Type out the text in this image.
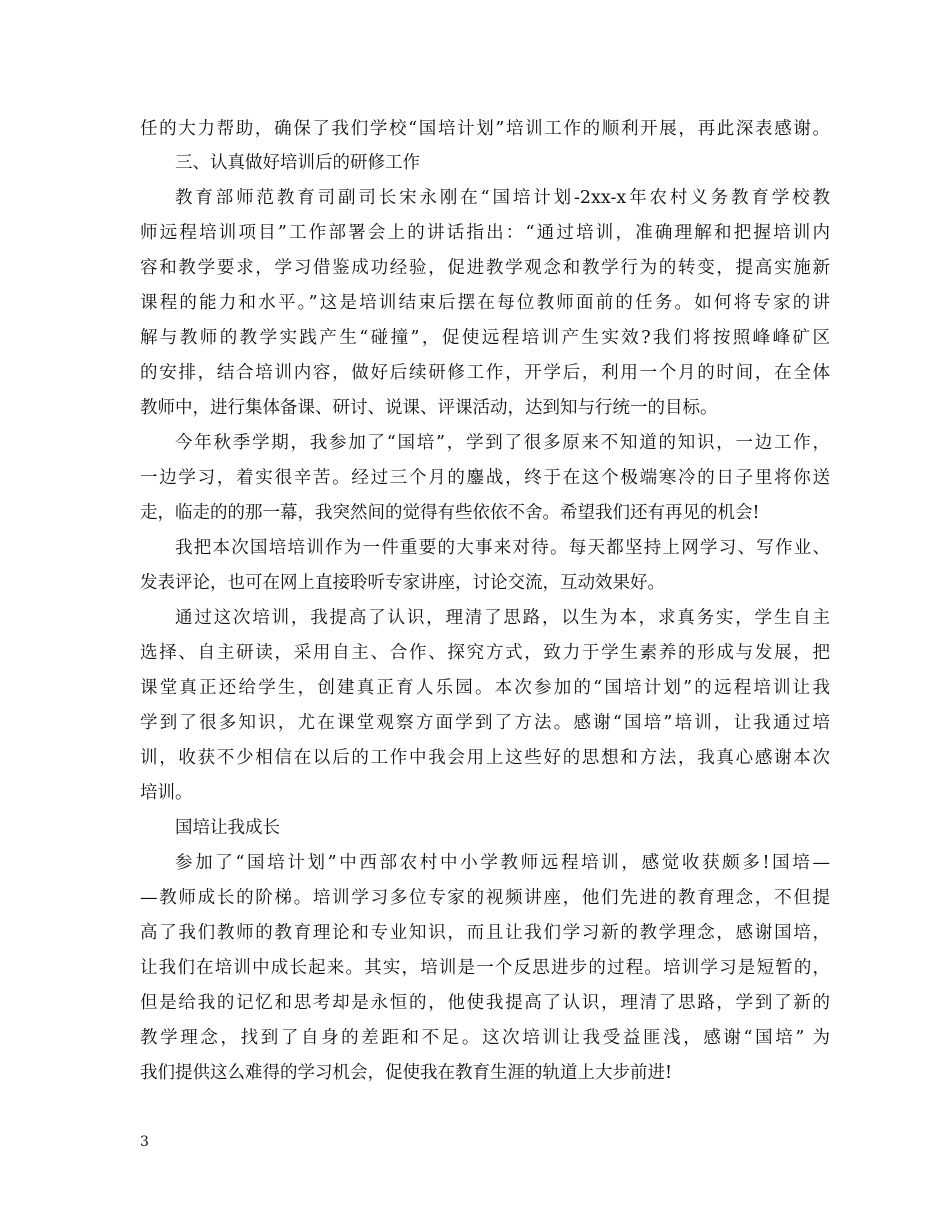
任的大力帮助，确保了我们学校“国培计划”培训工作的顺利开展，再此深表感谢。
三、认真做好培训后的研修工作
教育部师范教育司副司长宋永刚在“国培计划-2xx-x年农村义务教育学校教
师远程培训项目”工作部署会上的讲话指出：“通过培训，准确理解和把握培训内
容和教学要求，学习借鉴成功经验，促进教学观念和教学行为的转变，提高实施新
课程的能力和水平。”这是培训结束后摆在每位教师面前的任务。如何将专家的讲
解与教师的教学实践产生“碰撞”，促使远程培训产生实效?我们将按照峰峰矿区
的安排，结合培训内容，做好后续研修工作，开学后，利用一个月的时间，在全体
教师中，进行集体备课、研讨、说课、评课活动，达到知与行统一的目标。
今年秋季学期，我参加了“国培”，学到了很多原来不知道的知识，一边工作，
一边学习，着实很辛苦。经过三个月的鏖战，终于在这个极端寒冷的日子里将你送
走，临走的的那一幕，我突然间的觉得有些依依不舍。希望我们还有再见的机会!
我把本次国培培训作为一件重要的大事来对待。每天都坚持上网学习、写作业、
发表评论，也可在网上直接聆听专家讲座，讨论交流，互动效果好。
通过这次培训，我提高了认识，理清了思路，以生为本，求真务实，学生自主
选择、自主研读，采用自主、合作、探究方式，致力于学生素养的形成与发展，把
课堂真正还给学生，创建真正育人乐园。本次参加的“国培计划”的远程培训让我
学到了很多知识，尤在课堂观察方面学到了方法。感谢“国培”培训，让我通过培
训，收获不少相信在以后的工作中我会用上这些好的思想和方法，我真心感谢本次
培训。
国培让我成长
参加了“国培计划”中西部农村中小学教师远程培训，感觉收获颇多!国培—
—教师成长的阶梯。培训学习多位专家的视频讲座，他们先进的教育理念，不但提
高了我们教师的教育理论和专业知识，而且让我们学习新的教学理念，感谢国培，
让我们在培训中成长起来。其实，培训是一个反思进步的过程。培训学习是短暂的，
但是给我的记忆和思考却是永恒的，他使我提高了认识，理清了思路，学到了新的
教学理念，找到了自身的差距和不足。这次培训让我受益匪浅，感谢“国培” 为
我们提供这么难得的学习机会，促使我在教育生涯的轨道上大步前进!
3
